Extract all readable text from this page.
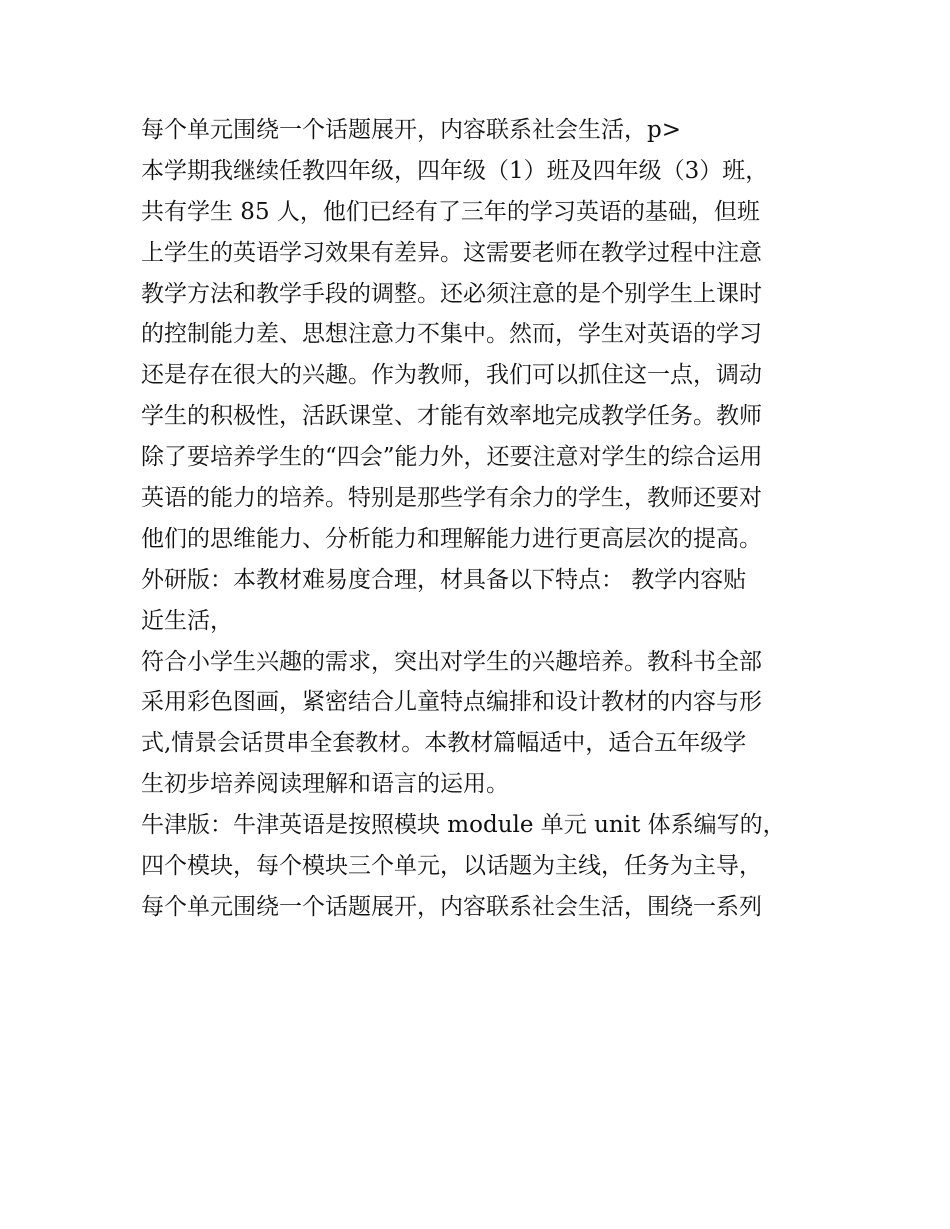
每个单元围绕一个话题展开，内容联系社会生活，p>
本学期我继续任教四年级，四年级（1）班及四年级（3）班，
共有学生 85 人，他们已经有了三年的学习英语的基础，但班
上学生的英语学习效果有差异。这需要老师在教学过程中注意
教学方法和教学手段的调整。还必须注意的是个别学生上课时
的控制能力差、思想注意力不集中。然而，学生对英语的学习
还是存在很大的兴趣。作为教师，我们可以抓住这一点，调动
学生的积极性，活跃课堂、才能有效率地完成教学任务。教师
除了要培养学生的“四会”能力外，还要注意对学生的综合运用
英语的能力的培养。特别是那些学有余力的学生，教师还要对
他们的思维能力、分析能力和理解能力进行更高层次的提高。
外研版：本教材难易度合理，材具备以下特点： 教学内容贴
近生活，
符合小学生兴趣的需求，突出对学生的兴趣培养。教科书全部
采用彩色图画，紧密结合儿童特点编排和设计教材的内容与形
式,情景会话贯串全套教材。本教材篇幅适中，适合五年级学
生初步培养阅读理解和语言的运用。
牛津版：牛津英语是按照模块 module 单元 unit 体系编写的，
四个模块，每个模块三个单元，以话题为主线，任务为主导，
每个单元围绕一个话题展开，内容联系社会生活，围绕一系列
